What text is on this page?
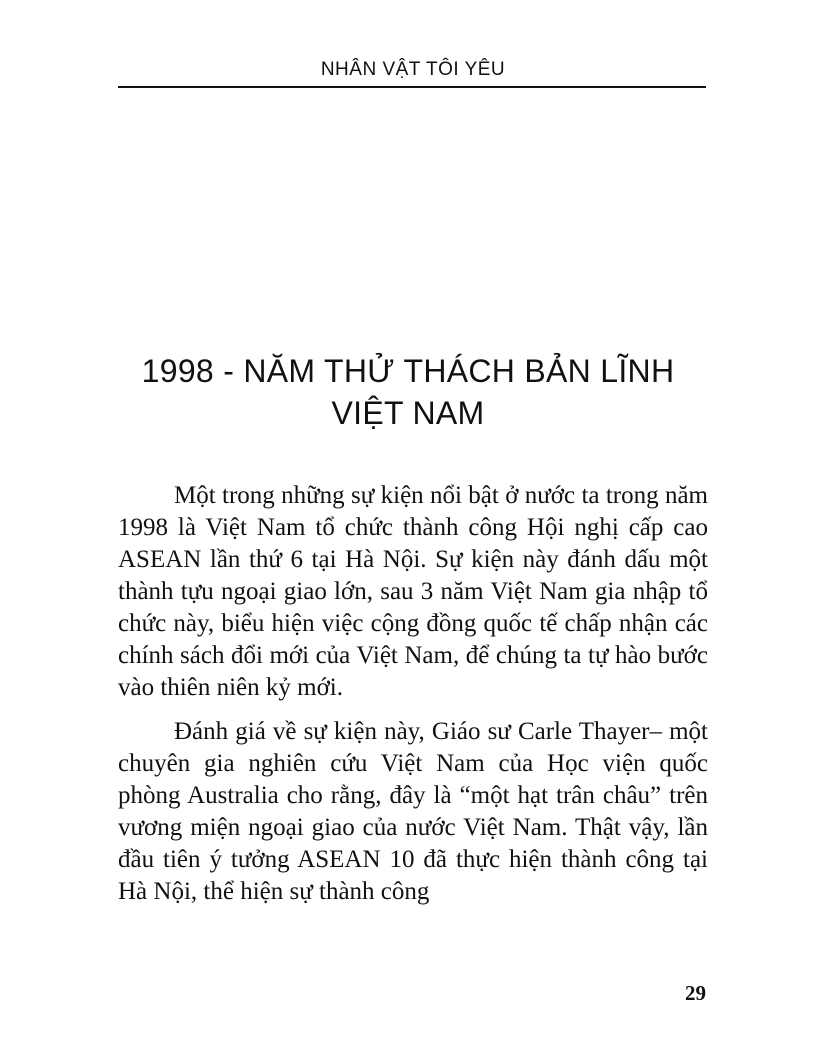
NHÂN VẬT TÔI YÊU
1998 - NĂM THỬ THÁCH BẢN LĨNH
VIỆT NAM

Một trong những sự kiện nổi bật ở nước ta trong năm 1998 là Việt Nam tổ chức thành công Hội nghị cấp cao ASEAN lần thứ 6 tại Hà Nội. Sự kiện này đánh dấu một thành tựu ngoại giao lớn, sau 3 năm Việt Nam gia nhập tổ chức này, biểu hiện việc cộng đồng quốc tế chấp nhận các chính sách đổi mới của Việt Nam, để chúng ta tự hào bước vào thiên niên kỷ mới.

Đánh giá về sự kiện này, Giáo sư Carle Thayer– một chuyên gia nghiên cứu Việt Nam của Học viện quốc phòng Australia cho rằng, đây là “một hạt trân châu” trên vương miện ngoại giao của nước Việt Nam. Thật vậy, lần đầu tiên ý tưởng ASEAN 10 đã thực hiện thành công tại Hà Nội, thể hiện sự thành công

29
